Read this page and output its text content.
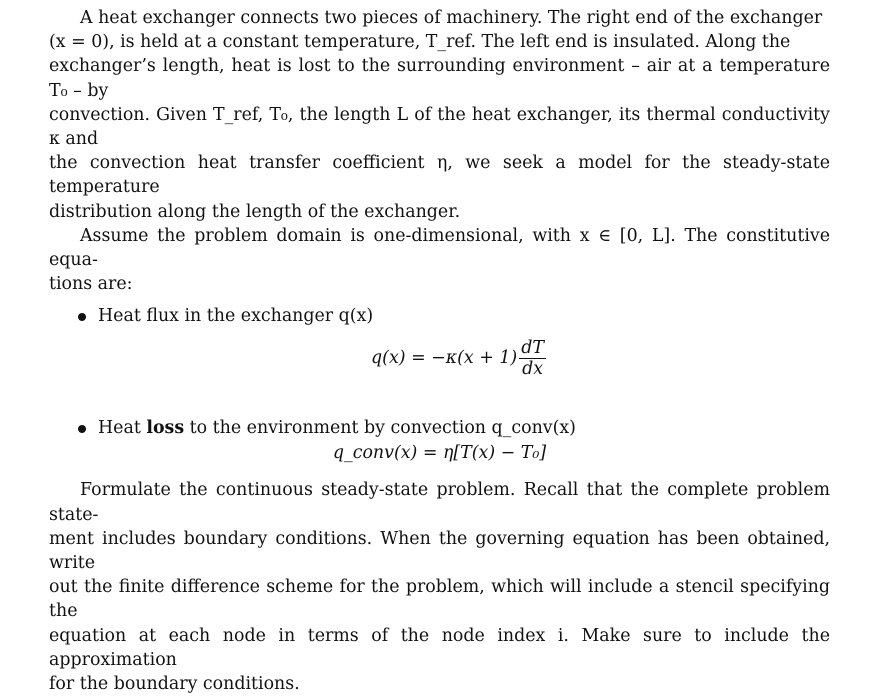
A heat exchanger connects two pieces of machinery. The right end of the exchanger
(x = 0), is held at a constant temperature, T_ref. The left end is insulated. Along the
exchanger’s length, heat is lost to the surrounding environment – air at a temperature T₀ – by
convection. Given T_ref, T₀, the length L of the heat exchanger, its thermal conductivity κ and
the convection heat transfer coefficient η, we seek a model for the steady-state temperature
distribution along the length of the exchanger.

Assume the problem domain is one-dimensional, with x ∈ [0, L]. The constitutive equa-
tions are:

Heat flux in the exchanger q(x)

$q(x) = -\kappa(x + 1) \frac{dT}{dx}$

Heat loss to the environment by convection q_conv(x)

q_conv(x) = η[T(x) − T₀]

Formulate the continuous steady-state problem. Recall that the complete problem state-
ment includes boundary conditions. When the governing equation has been obtained, write
out the finite difference scheme for the problem, which will include a stencil specifying the
equation at each node in terms of the node index i. Make sure to include the approximation
for the boundary conditions.
